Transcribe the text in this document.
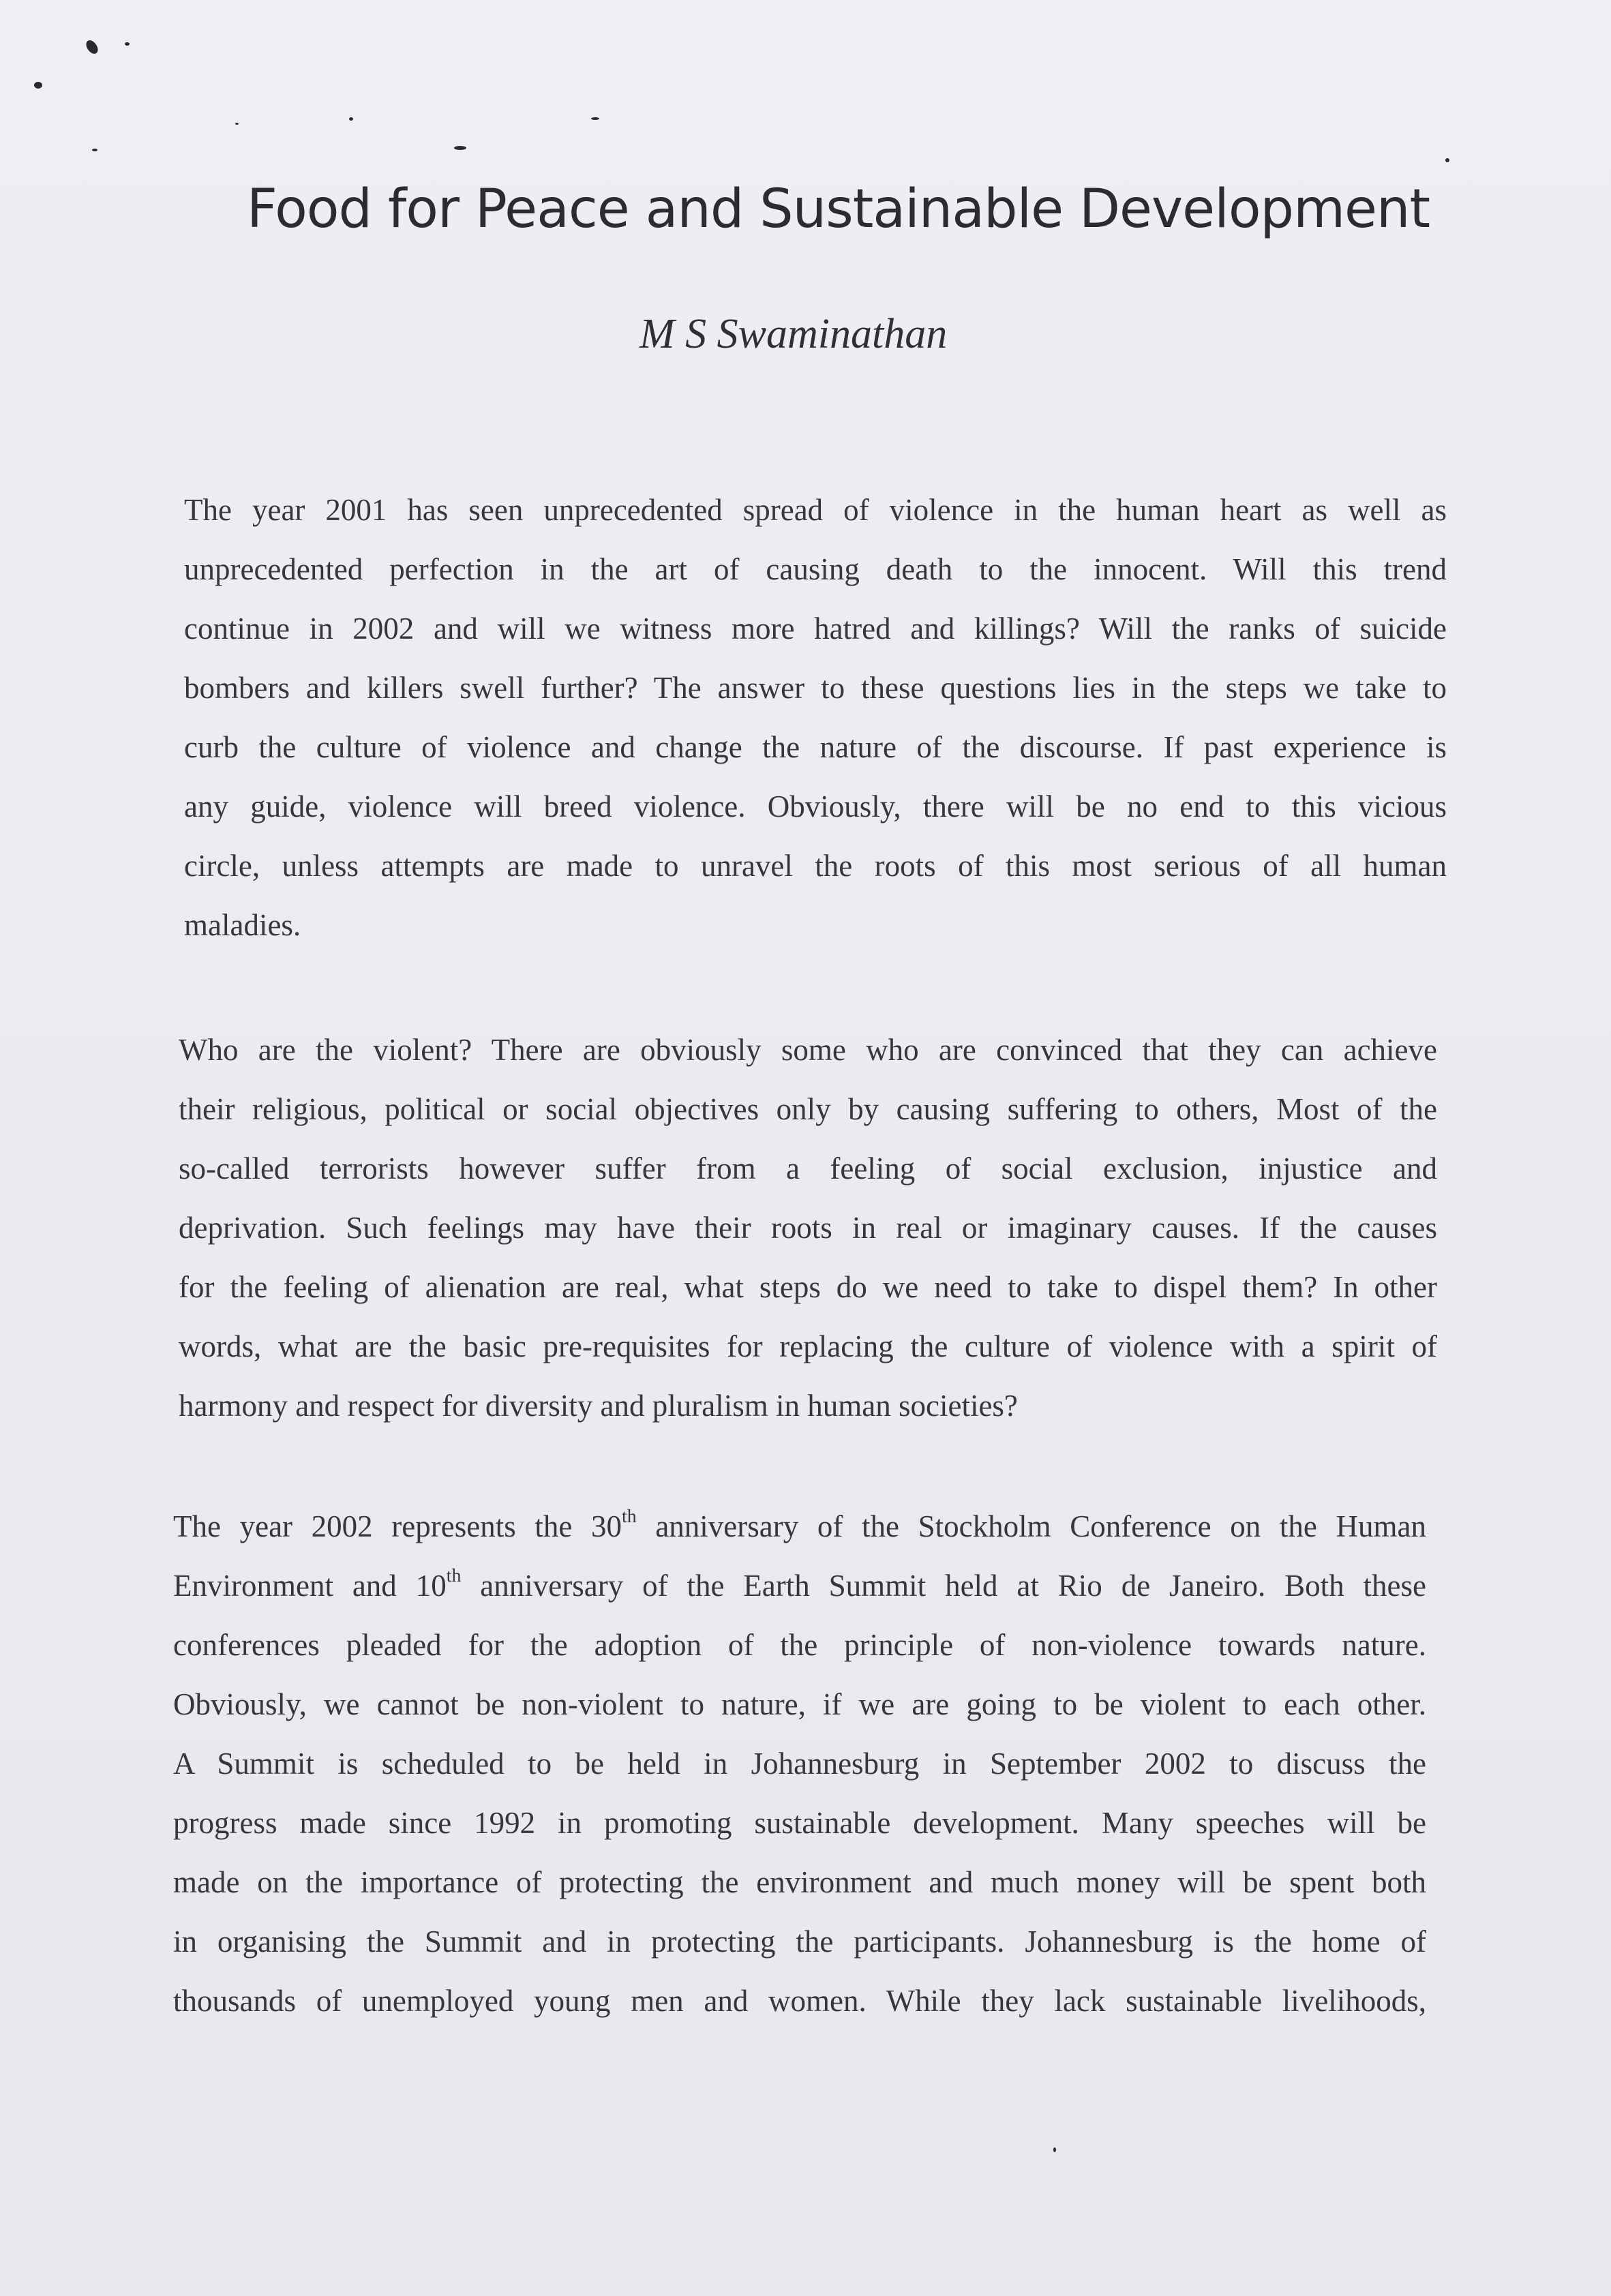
Food for Peace and Sustainable Development
M S Swaminathan
The year 2001 has seen unprecedented spread of violence in the human heart as well as
unprecedented perfection in the art of causing death to the innocent. Will this trend
continue in 2002 and will we witness more hatred and killings? Will the ranks of suicide
bombers and killers swell further? The answer to these questions lies in the steps we take to
curb the culture of violence and change the nature of the discourse. If past experience is
any guide, violence will breed violence. Obviously, there will be no end to this vicious
circle, unless attempts are made to unravel the roots of this most serious of all human
maladies.
Who are the violent? There are obviously some who are convinced that they can achieve
their religious, political or social objectives only by causing suffering to others, Most of the
so-called terrorists however suffer from a feeling of social exclusion, injustice and
deprivation. Such feelings may have their roots in real or imaginary causes. If the causes
for the feeling of alienation are real, what steps do we need to take to dispel them? In other
words, what are the basic pre-requisites for replacing the culture of violence with a spirit of
harmony and respect for diversity and pluralism in human societies?
The year 2002 represents the 30th anniversary of the Stockholm Conference on the Human
Environment and 10th anniversary of the Earth Summit held at Rio de Janeiro. Both these
conferences pleaded for the adoption of the principle of non-violence towards nature.
Obviously, we cannot be non-violent to nature, if we are going to be violent to each other.
A Summit is scheduled to be held in Johannesburg in September 2002 to discuss the
progress made since 1992 in promoting sustainable development. Many speeches will be
made on the importance of protecting the environment and much money will be spent both
in organising the Summit and in protecting the participants. Johannesburg is the home of
thousands of unemployed young men and women. While they lack sustainable livelihoods,
